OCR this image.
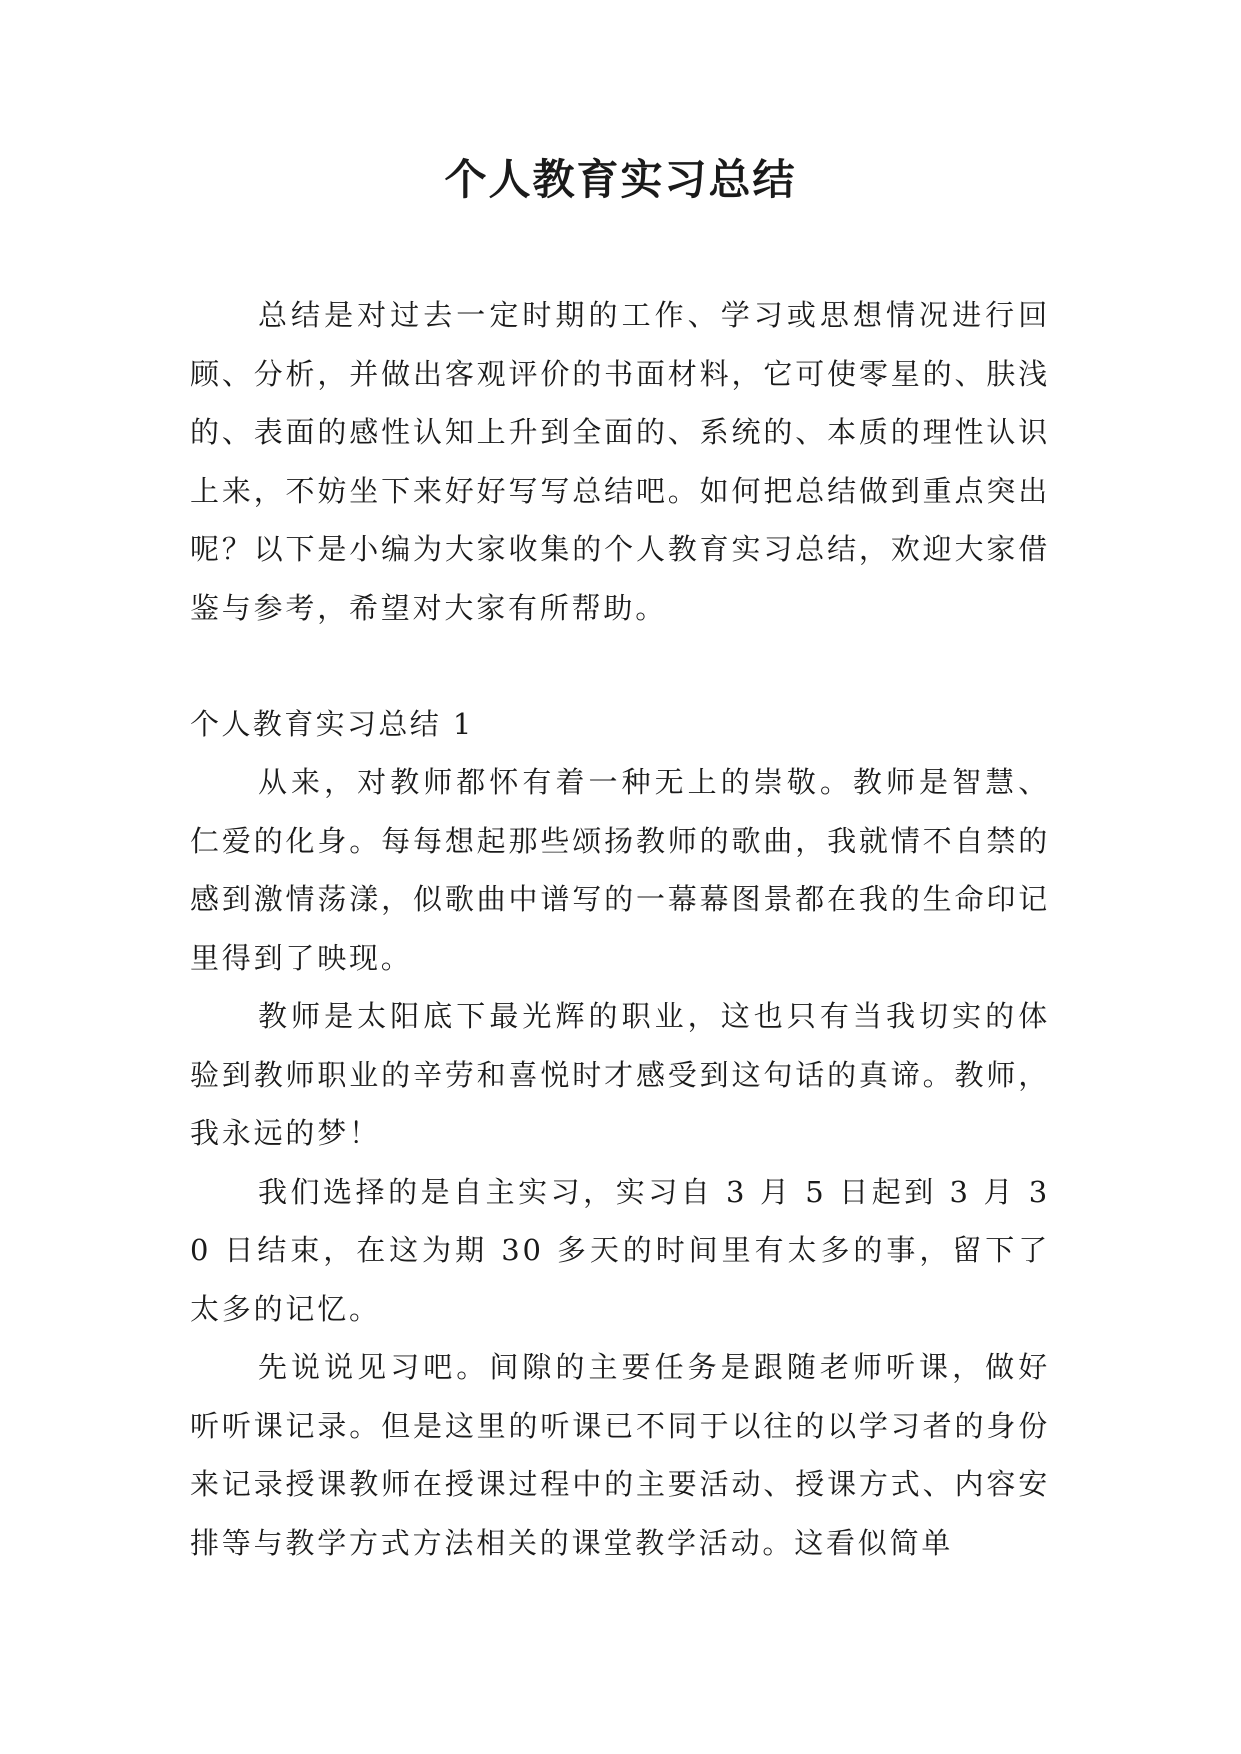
个人教育实习总结

总结是对过去一定时期的工作、学习或思想情况进行回顾、分析，并做出客观评价的书面材料，它可使零星的、肤浅的、表面的感性认知上升到全面的、系统的、本质的理性认识上来，不妨坐下来好好写写总结吧。如何把总结做到重点突出呢？以下是小编为大家收集的个人教育实习总结，欢迎大家借鉴与参考，希望对大家有所帮助。

个人教育实习总结 1

从来，对教师都怀有着一种无上的崇敬。教师是智慧、仁爱的化身。每每想起那些颂扬教师的歌曲，我就情不自禁的感到激情荡漾，似歌曲中谱写的一幕幕图景都在我的生命印记里得到了映现。

教师是太阳底下最光辉的职业，这也只有当我切实的体验到教师职业的辛劳和喜悦时才感受到这句话的真谛。教师，我永远的梦！

我们选择的是自主实习，实习自 3 月 5 日起到 3 月 30 日结束，在这为期 30 多天的时间里有太多的事，留下了太多的记忆。

先说说见习吧。间隙的主要任务是跟随老师听课，做好听听课记录。但是这里的听课已不同于以往的以学习者的身份来记录授课教师在授课过程中的主要活动、授课方式、内容安排等与教学方式方法相关的课堂教学活动。这看似简单
